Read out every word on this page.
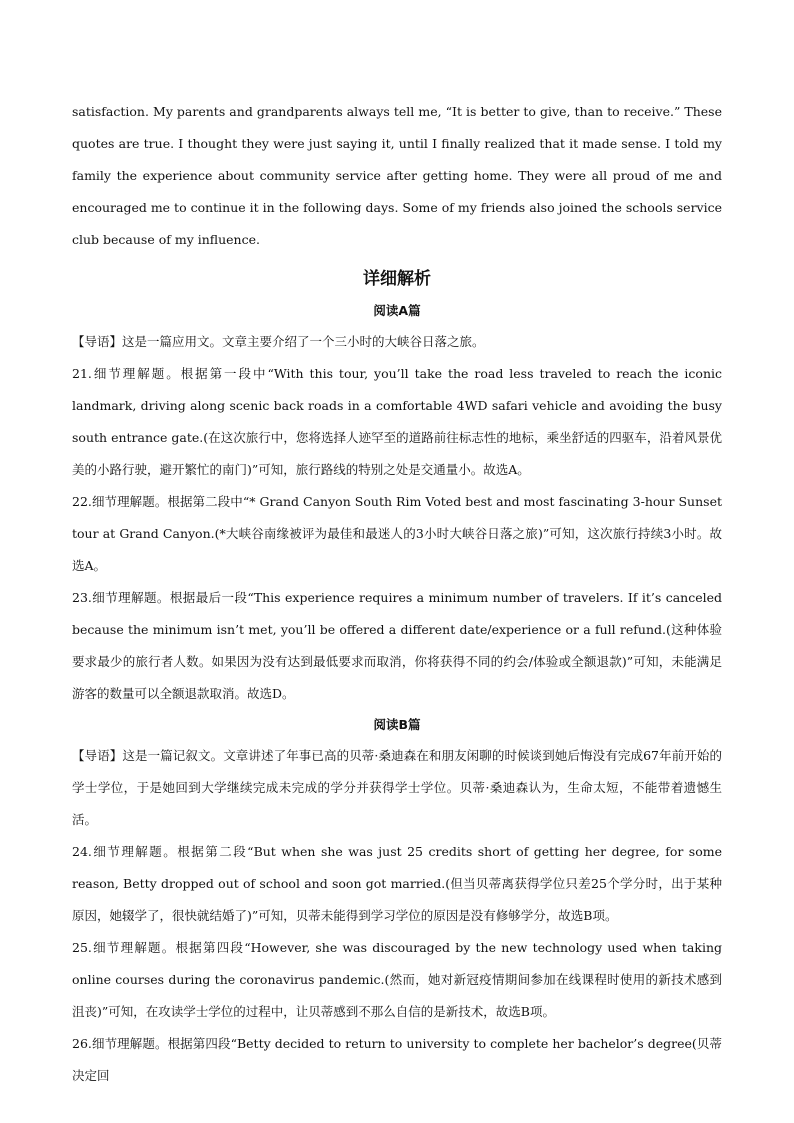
satisfaction. My parents and grandparents always tell me, “It is better to give, than to receive.” These quotes are true. I thought they were just saying it, until I finally realized that it made sense. I told my family the experience about community service after getting home. They were all proud of me and encouraged me to continue it in the following days. Some of my friends also joined the schools service club because of my influence.

详细解析
阅读A篇

【导语】这是一篇应用文。文章主要介绍了一个三小时的大峡谷日落之旅。

21.细节理解题。根据第一段中“With this tour, you’ll take the road less traveled to reach the iconic landmark, driving along scenic back roads in a comfortable 4WD safari vehicle and avoiding the busy south entrance gate.(在这次旅行中，您将选择人迹罕至的道路前往标志性的地标，乘坐舒适的四驱车，沿着风景优美的小路行驶，避开繁忙的南门)”可知，旅行路线的特别之处是交通量小。故选A。

22.细节理解题。根据第二段中“* Grand Canyon South Rim Voted best and most fascinating 3-hour Sunset tour at Grand Canyon.(*大峡谷南缘被评为最佳和最迷人的3小时大峡谷日落之旅)”可知，这次旅行持续3小时。故选A。

23.细节理解题。根据最后一段“This experience requires a minimum number of travelers. If it’s canceled because the minimum isn’t met, you’ll be offered a different date/experience or a full refund.(这种体验要求最少的旅行者人数。如果因为没有达到最低要求而取消，你将获得不同的约会/体验或全额退款)”可知，未能满足游客的数量可以全额退款取消。故选D。

阅读B篇

【导语】这是一篇记叙文。文章讲述了年事已高的贝蒂·桑迪森在和朋友闲聊的时候谈到她后悔没有完成67年前开始的学士学位，于是她回到大学继续完成未完成的学分并获得学士学位。贝蒂·桑迪森认为，生命太短，不能带着遗憾生活。

24.细节理解题。根据第二段“But when she was just 25 credits short of getting her degree, for some reason, Betty dropped out of school and soon got married.(但当贝蒂离获得学位只差25个学分时，出于某种原因，她辍学了，很快就结婚了)”可知，贝蒂未能得到学习学位的原因是没有修够学分，故选B项。

25.细节理解题。根据第四段“However, she was discouraged by the new technology used when taking online courses during the coronavirus pandemic.(然而，她对新冠疫情期间参加在线课程时使用的新技术感到沮丧)”可知，在攻读学士学位的过程中，让贝蒂感到不那么自信的是新技术，故选B项。

26.细节理解题。根据第四段“Betty decided to return to university to complete her bachelor’s degree(贝蒂决定回
